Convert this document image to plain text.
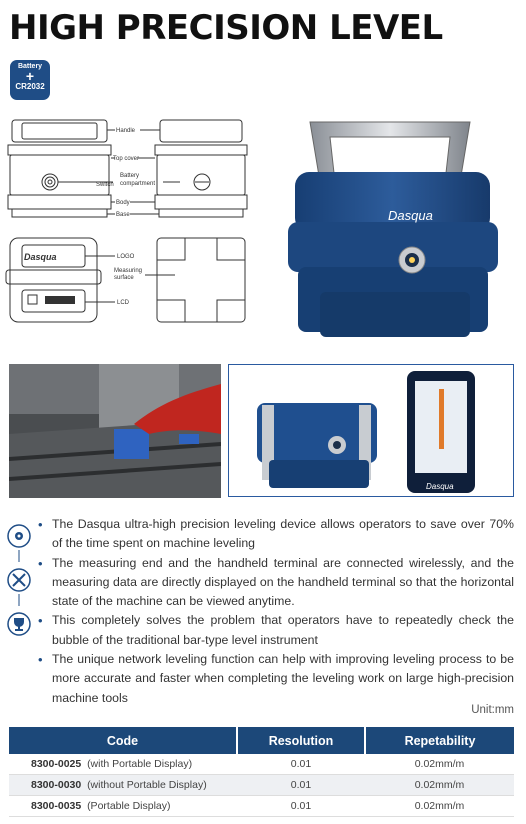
HIGH PRECISION LEVEL
Battery
+
CR2032
Dasqua
Handle
Top cover
Battery
compartment
Switch
Body
Base
LOGO
Measuring
surface
LCD
Dasqua
Dasqua
• The Dasqua ultra-high precision leveling device allows operators to save over 70% of the time spent on machine leveling
• The measuring end and the handheld terminal are connected wirelessly, and the measuring data are directly displayed on the handheld terminal so that the horizontal state of the machine can be viewed anytime.
• This completely solves the problem that operators have to repeatedly check the bubble of the traditional bar-type level instrument
• The unique network leveling function can help with improving leveling process to be more accurate and faster when completing the leveling work on large high-precision machine tools
Unit:mm
Code	Resolution	Repetability
8300-0025 (with Portable Display)	0.01	0.02mm/m
8300-0030 (without Portable Display)	0.01	0.02mm/m
8300-0035 (Portable Display)	0.01	0.02mm/m
